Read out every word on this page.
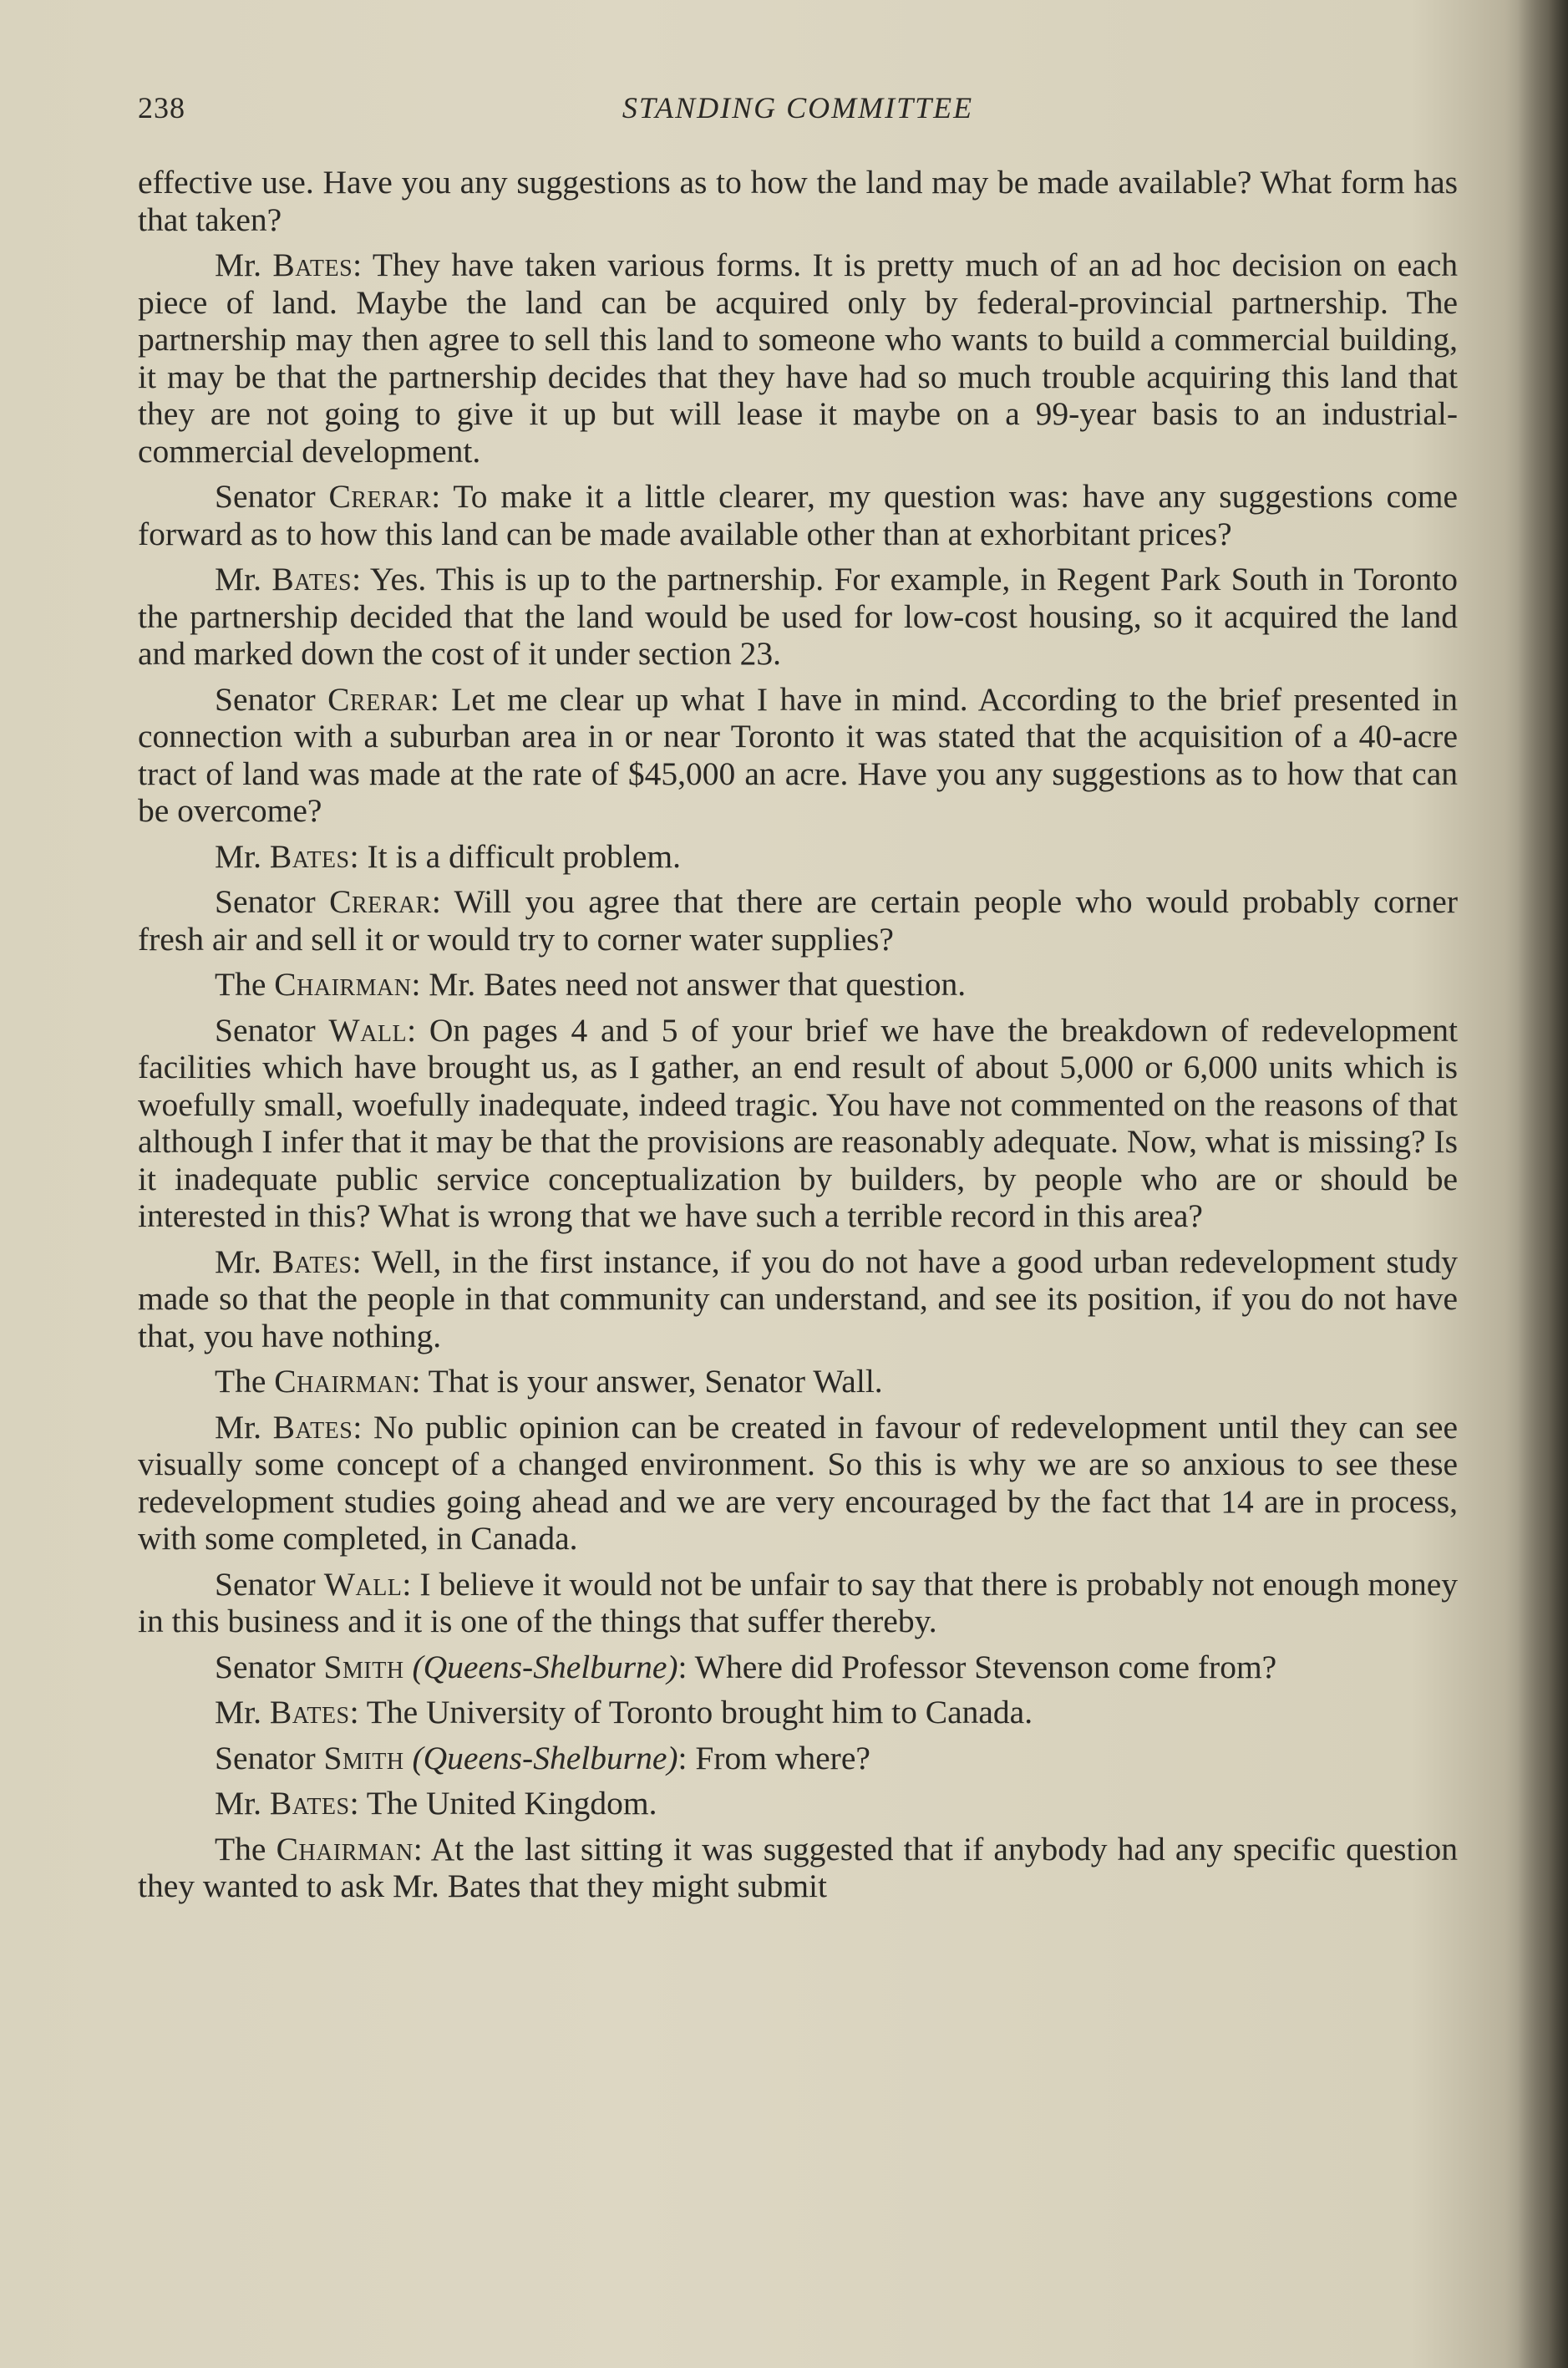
238	STANDING COMMITTEE

effective use. Have you any suggestions as to how the land may be made available? What form has that taken?

Mr. Bates: They have taken various forms. It is pretty much of an ad hoc decision on each piece of land. Maybe the land can be acquired only by federal-provincial partnership. The partnership may then agree to sell this land to someone who wants to build a commercial building, it may be that the partnership decides that they have had so much trouble acquiring this land that they are not going to give it up but will lease it maybe on a 99-year basis to an industrial-commercial development.

Senator Crerar: To make it a little clearer, my question was: have any suggestions come forward as to how this land can be made available other than at exhorbitant prices?

Mr. Bates: Yes. This is up to the partnership. For example, in Regent Park South in Toronto the partnership decided that the land would be used for low-cost housing, so it acquired the land and marked down the cost of it under section 23.

Senator Crerar: Let me clear up what I have in mind. According to the brief presented in connection with a suburban area in or near Toronto it was stated that the acquisition of a 40-acre tract of land was made at the rate of $45,000 an acre. Have you any suggestions as to how that can be overcome?

Mr. Bates: It is a difficult problem.

Senator Crerar: Will you agree that there are certain people who would probably corner fresh air and sell it or would try to corner water supplies?

The Chairman: Mr. Bates need not answer that question.

Senator Wall: On pages 4 and 5 of your brief we have the breakdown of redevelopment facilities which have brought us, as I gather, an end result of about 5,000 or 6,000 units which is woefully small, woefully inadequate, indeed tragic. You have not commented on the reasons of that although I infer that it may be that the provisions are reasonably adequate. Now, what is missing? Is it inadequate public service conceptualization by builders, by people who are or should be interested in this? What is wrong that we have such a terrible record in this area?

Mr. Bates: Well, in the first instance, if you do not have a good urban redevelopment study made so that the people in that community can understand, and see its position, if you do not have that, you have nothing.

The Chairman: That is your answer, Senator Wall.

Mr. Bates: No public opinion can be created in favour of redevelopment until they can see visually some concept of a changed environment. So this is why we are so anxious to see these redevelopment studies going ahead and we are very encouraged by the fact that 14 are in process, with some completed, in Canada.

Senator Wall: I believe it would not be unfair to say that there is probably not enough money in this business and it is one of the things that suffer thereby.

Senator Smith (Queens-Shelburne): Where did Professor Stevenson come from?

Mr. Bates: The University of Toronto brought him to Canada.

Senator Smith (Queens-Shelburne): From where?

Mr. Bates: The United Kingdom.

The Chairman: At the last sitting it was suggested that if anybody had any specific question they wanted to ask Mr. Bates that they might submit
